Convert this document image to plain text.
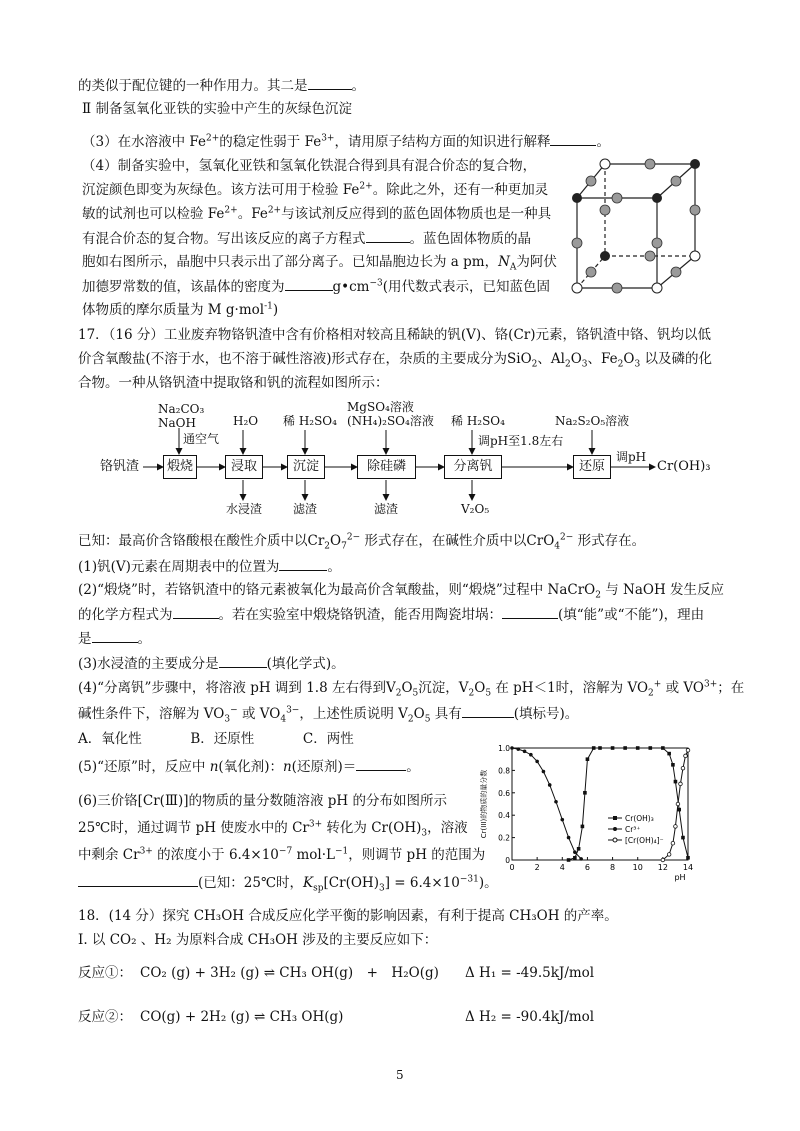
的类似于配位键的一种作用力。其二是	。
Ⅱ 制备氢氧化亚铁的实验中产生的灰绿色沉淀
（3）在水溶液中 $Fe^{2+}$的稳定性弱于 $Fe^{3+}$，请用原子结构方面的知识进行解释	。
（4）制备实验中，氢氧化亚铁和氢氧化铁混合得到具有混合价态的复合物，
沉淀颜色即变为灰绿色。该方法可用于检验 $Fe^{2+}$。除此之外，还有一种更加灵
敏的试剂也可以检验 $Fe^{2+}$。$Fe^{2+}$与该试剂反应得到的蓝色固体物质也是一种具
有混合价态的复合物。写出该反应的离子方程式	。蓝色固体物质的晶
胞如右图所示，晶胞中只表示出了部分离子。已知晶胞边长为 a pm，$N_A$为阿伏
加德罗常数的值，该晶体的密度为	$g•cm^{-3}$(用代数式表示，已知蓝色固
体物质的摩尔质量为 M g·mol$^{-1}$)
17．（16 分）工业废弃物铬钒渣中含有价格相对较高且稀缺的钒(V)、铬(Cr)元素，铬钒渣中铬、钒均以低
价含氧酸盐(不溶于水，也不溶于碱性溶液)形式存在，杂质的主要成分为SiO$_2$、$Al_2O_3$、$Fe_2O_3$ 以及磷的化
合物。一种从铬钒渣中提取铬和钒的流程如图所示：
铬钒渣	煅烧	浸取	沉淀	除硅磷	分离钒	还原	Cr(OH)₃
Na₂CO₃
NaOH
通空气
H₂O 稀 H₂SO₄
MgSO₄溶液
(NH₄)₂SO₄溶液 稀 H₂SO₄
调pH至1.8左右
Na₂S₂O₅溶液
调pH
水浸渣	滤渣	滤渣	V₂O₅
已知：最高价含铬酸根在酸性介质中以$Cr_2O_7^{2-}$ 形式存在，在碱性介质中以CrO$_4^{2-}$ 形式存在。
(1)钒(V)元素在周期表中的位置为	。
(2)“煅烧”时，若铬钒渣中的铬元素被氧化为最高价含氧酸盐，则“煅烧”过程中 NaCrO$_2$ 与 NaOH 发生反应
的化学方程式为	。若在实验室中煅烧铬钒渣，能否用陶瓷坩埚：	(填“能”或“不能”)，理由
是	。
(3)水浸渣的主要成分是	(填化学式)。
(4)“分离钒”步骤中，将溶液 pH 调到 1.8 左右得到$V_2O_5$沉淀，$V_2O_5$ 在 pH＜1时，溶解为 $VO_2^+$ 或 $VO^{3+}$；在
碱性条件下，溶解为 $VO_3^-$ 或 $VO_4^{3-}$，上述性质说明 $V_2O_5$ 具有	(填标号)。
A．氧化性	B．还原性	C．两性
(5)“还原”时，反应中 n(氧化剂)：n(还原剂)＝	。
(6)三价铬[Cr(Ⅲ)]的物质的量分数随溶液 pH 的分布如图所示
25℃时，通过调节 pH 使废水中的 $Cr^{3+}$ 转化为 $Cr(OH)_3$，溶液
中剩余 $Cr^{3+}$ 的浓度小于 $6.4\times 10^{-7}$ $mol\cdot L^{-1}$，则调节 pH 的范围为
(已知：25℃时，$K_{sp}[Cr(OH)_3] = 6.4\times 10^{-31}$)。
0	2	4	6	8 10 12 14
0
0.2
0.4
0.6
0.8
1.0
pH
Cr(III)的物质的量分数	Cr(OH)₃
Cr³⁺
[Cr(OH)₄]⁻
18．(14 分）探究 CH₃OH 合成反应化学平衡的影响因素，有利于提高 CH₃OH 的产率。
Ⅰ. 以 CO₂ 、H₂ 为原料合成 CH₃OH 涉及的主要反应如下：
反应①： CO₂ (g) + 3H₂ (g) ⇌ CH₃ OH(g)　+　H₂O(g) Δ H₁ = -49.5kJ/mol
反应②： CO(g) + 2H₂ (g) ⇌ CH₃ OH(g)	Δ H₂ = -90.4kJ/mol
5
